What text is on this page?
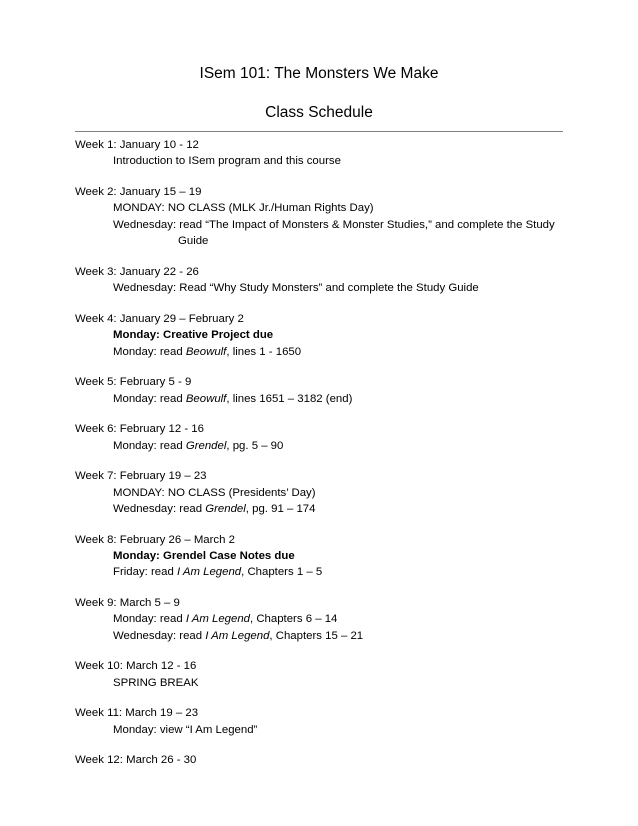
ISem 101: The Monsters We Make
Class Schedule
Week 1: January 10 - 12
Introduction to ISem program and this course
Week 2: January 15 – 19
MONDAY: NO CLASS (MLK Jr./Human Rights Day)
Wednesday: read “The Impact of Monsters & Monster Studies,” and complete the Study
Guide
Week 3: January 22 - 26
Wednesday: Read “Why Study Monsters” and complete the Study Guide
Week 4: January 29 – February 2
Monday: Creative Project due
Monday: read Beowulf, lines 1 - 1650
Week 5: February 5 - 9
Monday: read Beowulf, lines 1651 – 3182 (end)
Week 6: February 12 - 16
Monday: read Grendel, pg. 5 – 90
Week 7: February 19 – 23
MONDAY: NO CLASS (Presidents’ Day)
Wednesday: read Grendel, pg. 91 – 174
Week 8: February 26 – March 2
Monday: Grendel Case Notes due
Friday: read I Am Legend, Chapters 1 – 5
Week 9: March 5 – 9
Monday: read I Am Legend, Chapters 6 – 14
Wednesday: read I Am Legend, Chapters 15 – 21
Week 10: March 12 - 16
SPRING BREAK
Week 11: March 19 – 23
Monday: view “I Am Legend”
Week 12: March 26 - 30
